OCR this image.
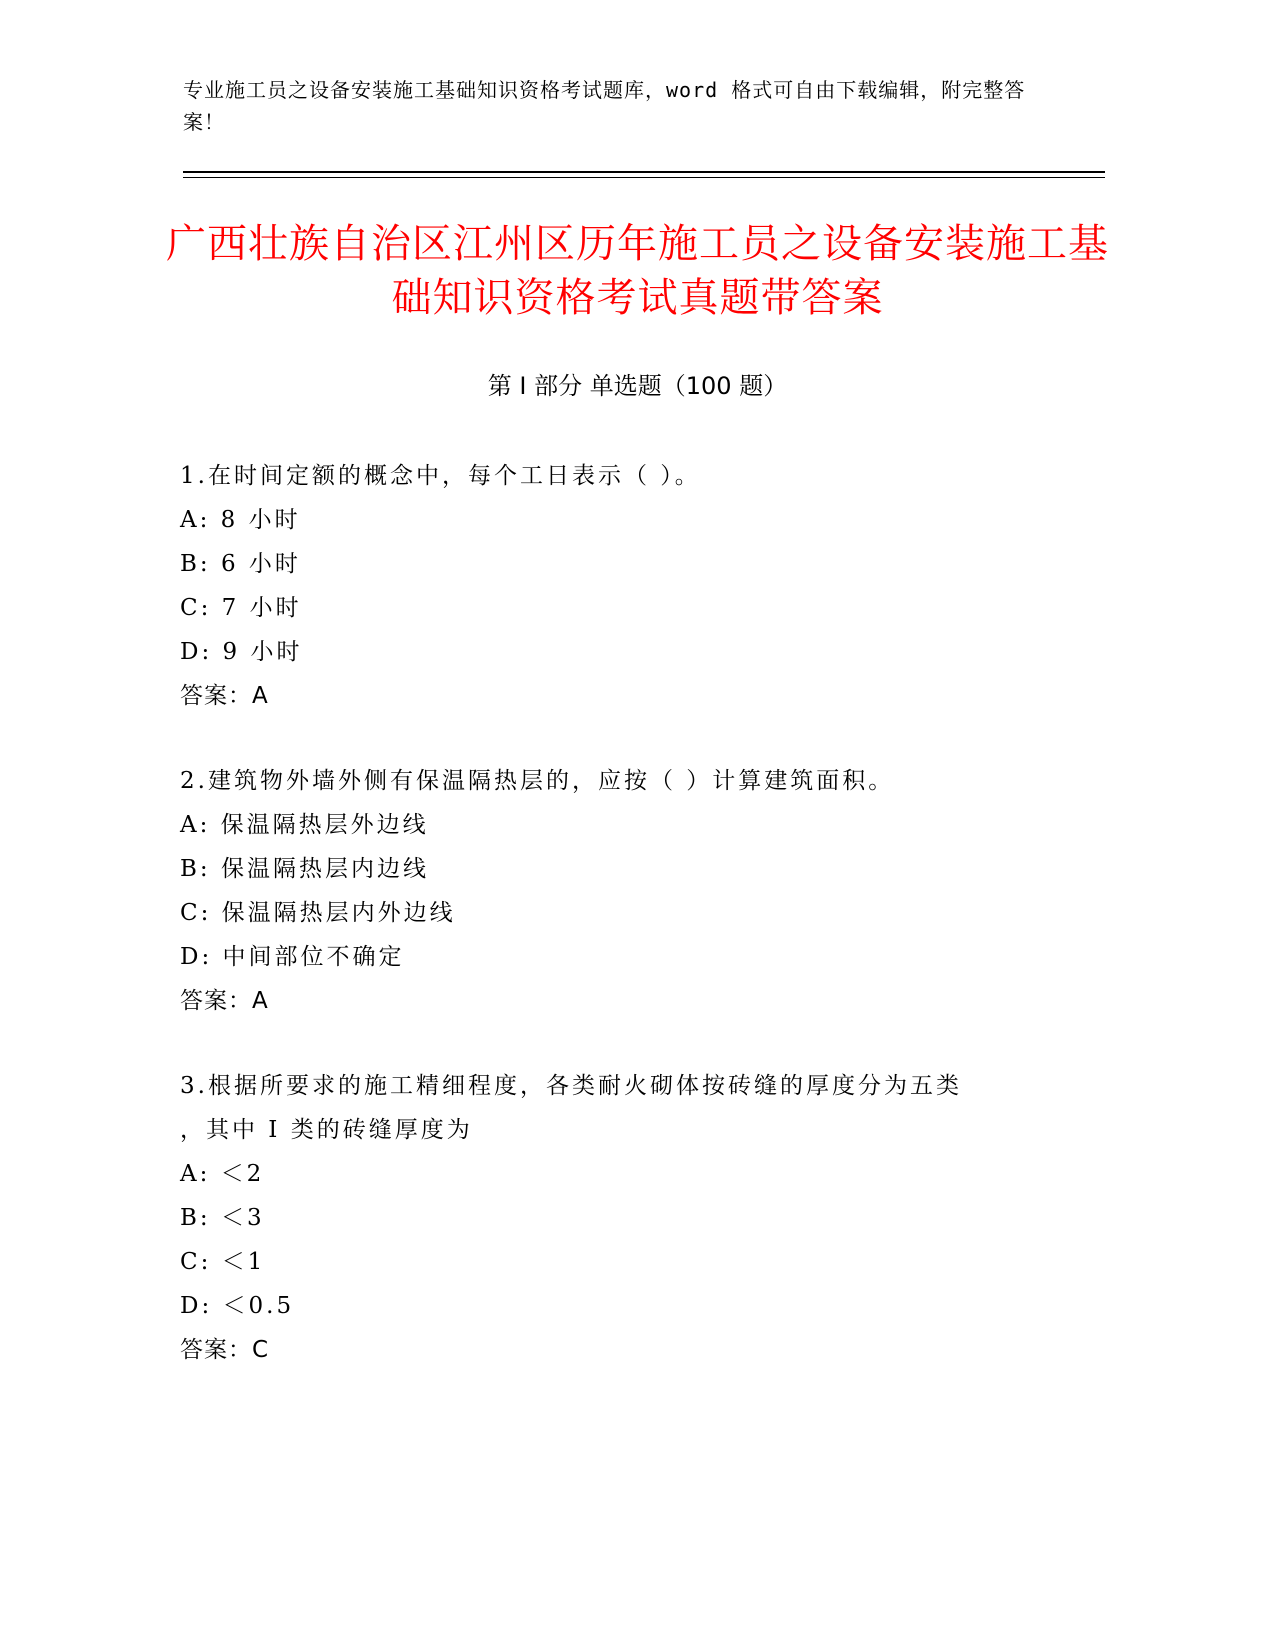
专业施工员之设备安装施工基础知识资格考试题库，word 格式可自由下载编辑，附完整答案！
广西壮族自治区江州区历年施工员之设备安装施工基础知识资格考试真题带答案
第 I 部分 单选题（100 题）

1.在时间定额的概念中，每个工日表示（ ）。

A: 8 小时

B: 6 小时

C: 7 小时

D: 9 小时

答案：A

2.建筑物外墙外侧有保温隔热层的，应按（ ）计算建筑面积。

A: 保温隔热层外边线

B: 保温隔热层内边线

C: 保温隔热层内外边线

D: 中间部位不确定

答案：A

3.根据所要求的施工精细程度，各类耐火砌体按砖缝的厚度分为五类

，其中 I 类的砖缝厚度为

A: ＜2

B: ＜3

C: ＜1

D: ＜0.5

答案：C
